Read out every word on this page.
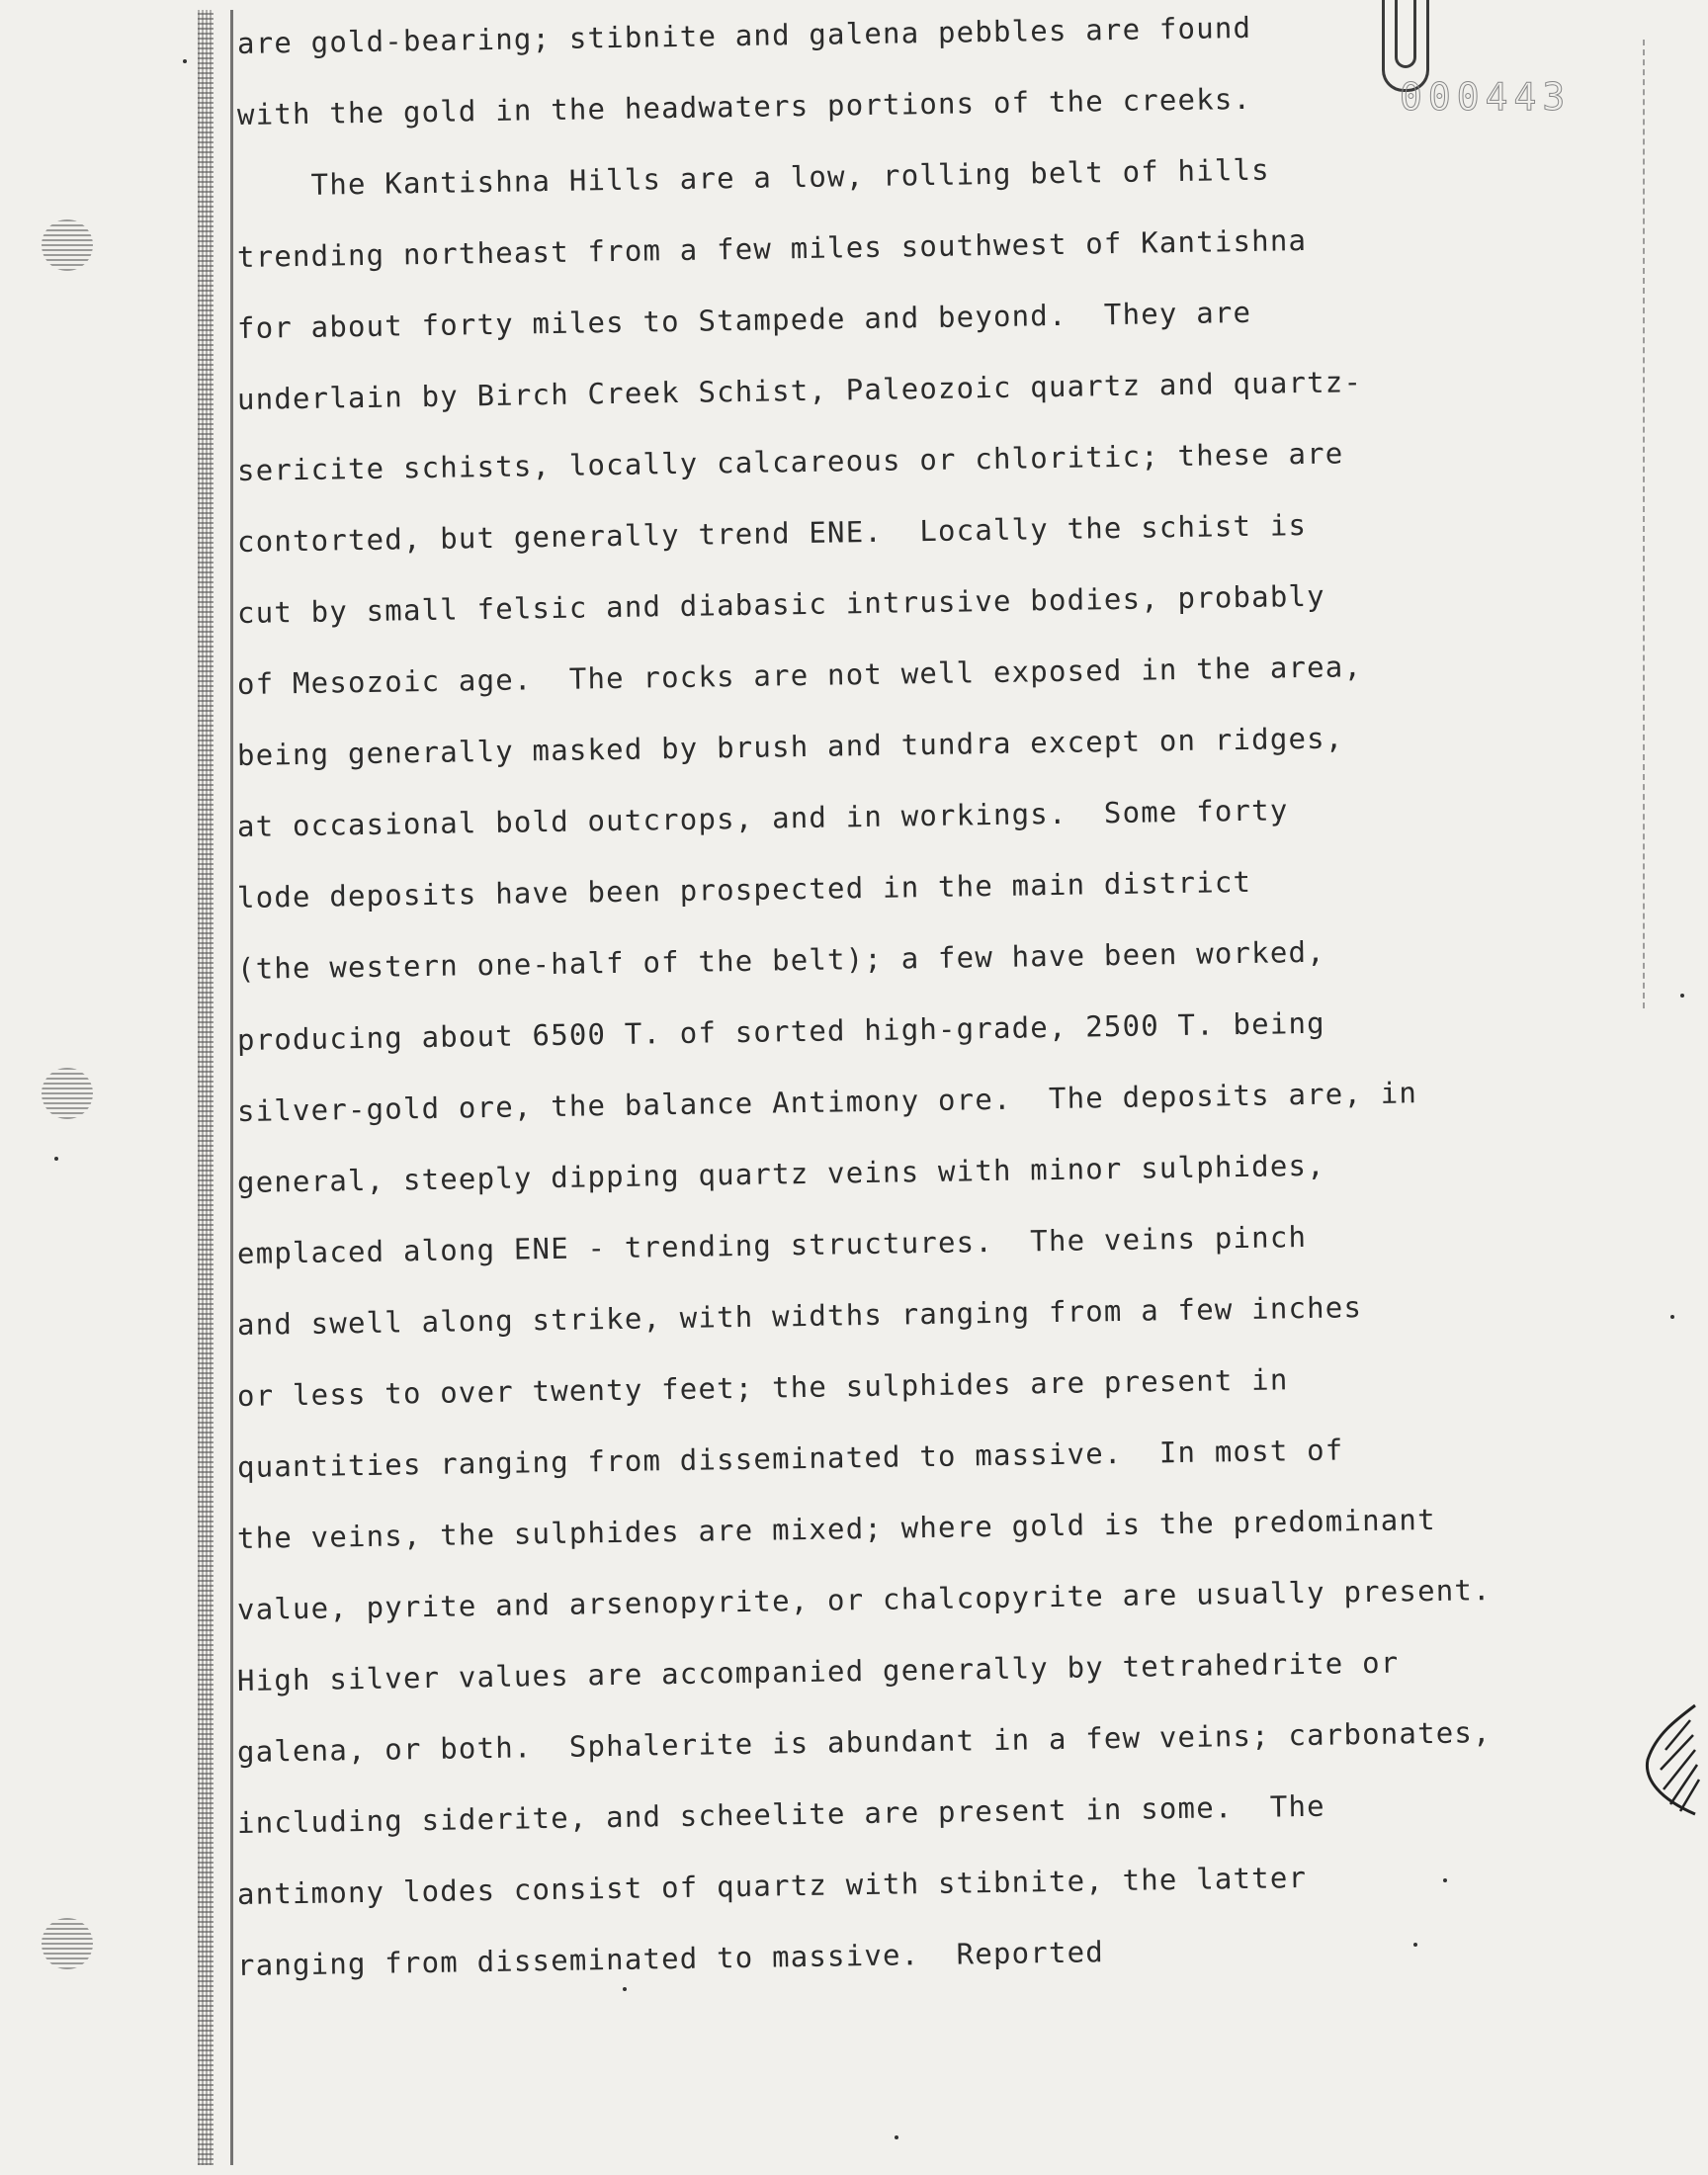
000443
are gold-bearing; stibnite and galena pebbles are found
with the gold in the headwaters portions of the creeks.
The Kantishna Hills are a low, rolling belt of hills
trending northeast from a few miles southwest of Kantishna
for about forty miles to Stampede and beyond.  They are
underlain by Birch Creek Schist, Paleozoic quartz and quartz-
sericite schists, locally calcareous or chloritic; these are
contorted, but generally trend ENE.  Locally the schist is
cut by small felsic and diabasic intrusive bodies, probably
of Mesozoic age.  The rocks are not well exposed in the area,
being generally masked by brush and tundra except on ridges,
at occasional bold outcrops, and in workings.  Some forty
lode deposits have been prospected in the main district
(the western one-half of the belt); a few have been worked,
producing about 6500 T. of sorted high-grade, 2500 T. being
silver-gold ore, the balance Antimony ore.  The deposits are, in
general, steeply dipping quartz veins with minor sulphides,
emplaced along ENE - trending structures.  The veins pinch
and swell along strike, with widths ranging from a few inches
or less to over twenty feet; the sulphides are present in
quantities ranging from disseminated to massive.  In most of
the veins, the sulphides are mixed; where gold is the predominant
value, pyrite and arsenopyrite, or chalcopyrite are usually present.
High silver values are accompanied generally by tetrahedrite or
galena, or both.  Sphalerite is abundant in a few veins; carbonates,
including siderite, and scheelite are present in some.  The
antimony lodes consist of quartz with stibnite, the latter
ranging from disseminated to massive.  Reported
